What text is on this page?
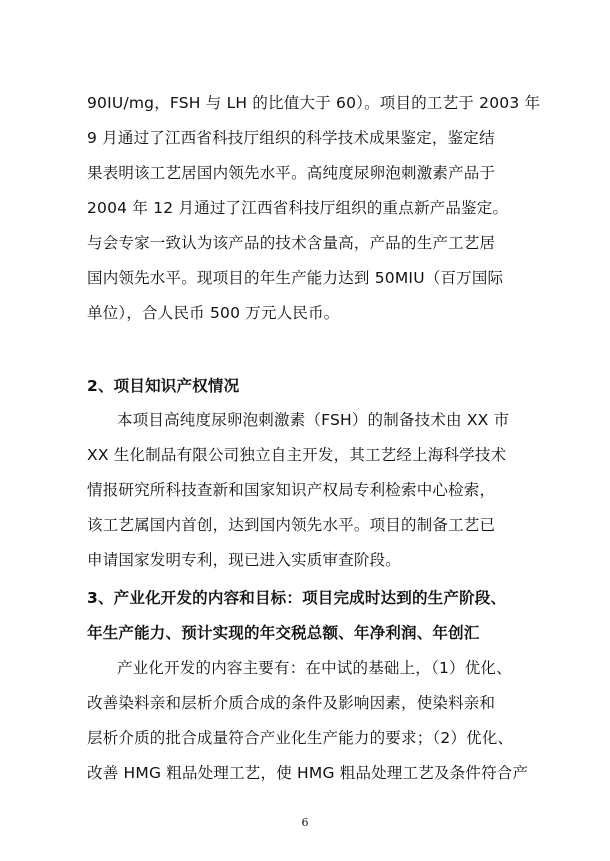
90IU/mg，FSH 与 LH 的比值大于 60）。项目的工艺于 2003 年
9 月通过了江西省科技厅组织的科学技术成果鉴定，鉴定结
果表明该工艺居国内领先水平。高纯度尿卵泡刺激素产品于
2004 年 12 月通过了江西省科技厅组织的重点新产品鉴定。
与会专家一致认为该产品的技术含量高，产品的生产工艺居
国内领先水平。现项目的年生产能力达到 50MIU（百万国际
单位），合人民币 500 万元人民币。
2、项目知识产权情况
本项目高纯度尿卵泡刺激素（FSH）的制备技术由 XX 市
XX 生化制品有限公司独立自主开发，其工艺经上海科学技术
情报研究所科技查新和国家知识产权局专利检索中心检索，
该工艺属国内首创，达到国内领先水平。项目的制备工艺已
申请国家发明专利，现已进入实质审查阶段。
3、产业化开发的内容和目标：项目完成时达到的生产阶段、
年生产能力、预计实现的年交税总额、年净利润、年创汇
产业化开发的内容主要有：在中试的基础上，（1）优化、
改善染料亲和层析介质合成的条件及影响因素，使染料亲和
层析介质的批合成量符合产业化生产能力的要求；（2）优化、
改善 HMG 粗品处理工艺，使 HMG 粗品处理工艺及条件符合产
6
